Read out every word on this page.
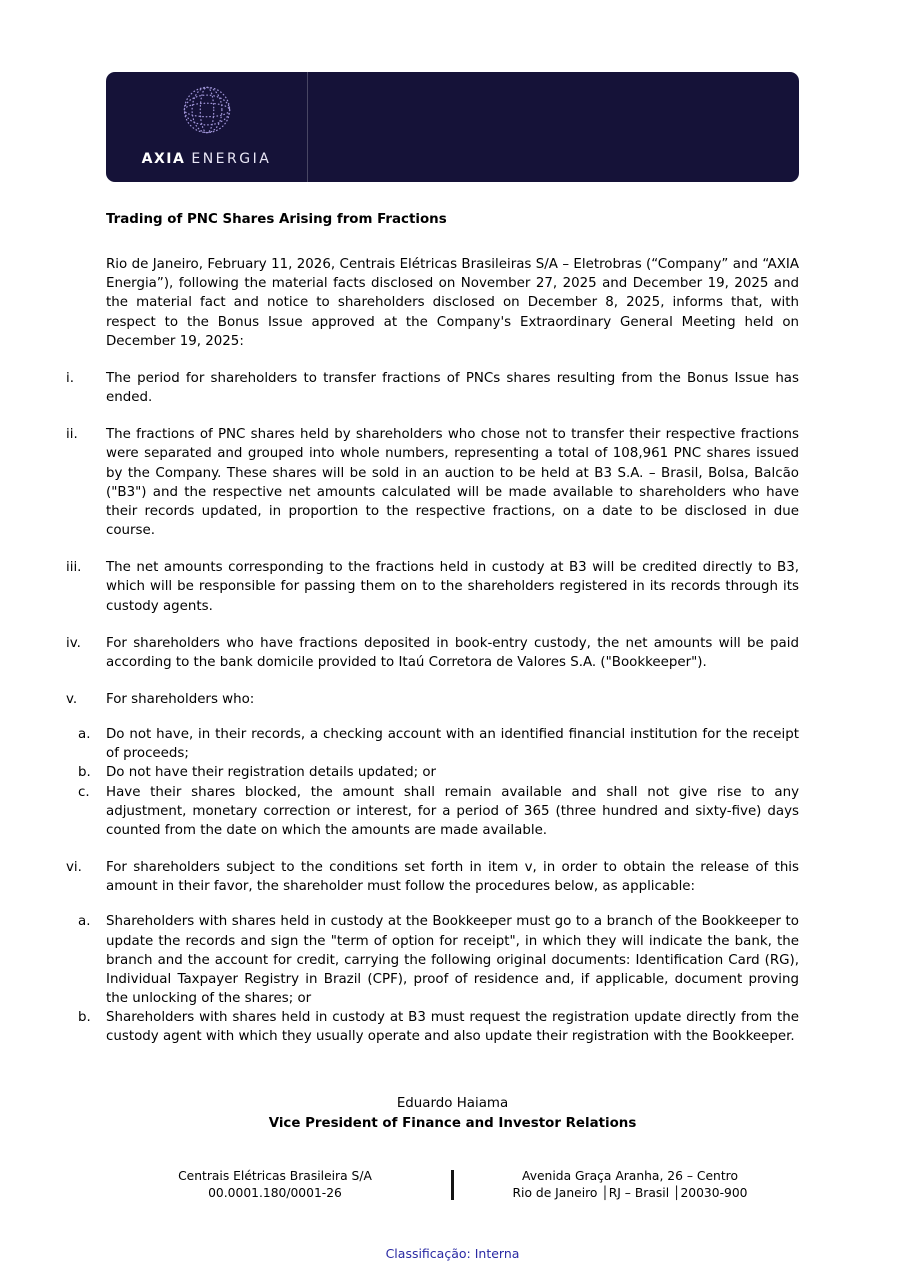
AXIA ENERGIA
Trading of PNC Shares Arising from Fractions

Rio de Janeiro, February 11, 2026, Centrais Elétricas Brasileiras S/A – Eletrobras (“Company” and “AXIA Energia”), following the material facts disclosed on November 27, 2025 and December 19, 2025 and the material fact and notice to shareholders disclosed on December 8, 2025, informs that, with respect to the Bonus Issue approved at the Company's Extraordinary General Meeting held on December 19, 2025:

i.	The period for shareholders to transfer fractions of PNCs shares resulting from the Bonus Issue has ended.
ii.	The fractions of PNC shares held by shareholders who chose not to transfer their respective fractions were separated and grouped into whole numbers, representing a total of 108,961 PNC shares issued by the Company. These shares will be sold in an auction to be held at B3 S.A. – Brasil, Bolsa, Balcão ("B3") and the respective net amounts calculated will be made available to shareholders who have their records updated, in proportion to the respective fractions, on a date to be disclosed in due course.
iii.	The net amounts corresponding to the fractions held in custody at B3 will be credited directly to B3, which will be responsible for passing them on to the shareholders registered in its records through its custody agents.
iv.	For shareholders who have fractions deposited in book-entry custody, the net amounts will be paid according to the bank domicile provided to Itaú Corretora de Valores S.A. ("Bookkeeper").
v.	For shareholders who:
a.	Do not have, in their records, a checking account with an identified financial institution for the receipt of proceeds;
b.	Do not have their registration details updated; or
c.	Have their shares blocked, the amount shall remain available and shall not give rise to any adjustment, monetary correction or interest, for a period of 365 (three hundred and sixty-five) days counted from the date on which the amounts are made available.
vi.	For shareholders subject to the conditions set forth in item v, in order to obtain the release of this amount in their favor, the shareholder must follow the procedures below, as applicable:
a.	Shareholders with shares held in custody at the Bookkeeper must go to a branch of the Bookkeeper to update the records and sign the "term of option for receipt", in which they will indicate the bank, the branch and the account for credit, carrying the following original documents: Identification Card (RG), Individual Taxpayer Registry in Brazil (CPF), proof of residence and, if applicable, document proving the unlocking of the shares; or
b.	Shareholders with shares held in custody at B3 must request the registration update directly from the custody agent with which they usually operate and also update their registration with the Bookkeeper.
Eduardo Haiama
Vice President of Finance and Investor Relations
Centrais Elétricas Brasileira S/A
00.0001.180/0001-26
Avenida Graça Aranha, 26 – Centro
Rio de Janeiro │RJ – Brasil │20030-900
Classificação: Interna
